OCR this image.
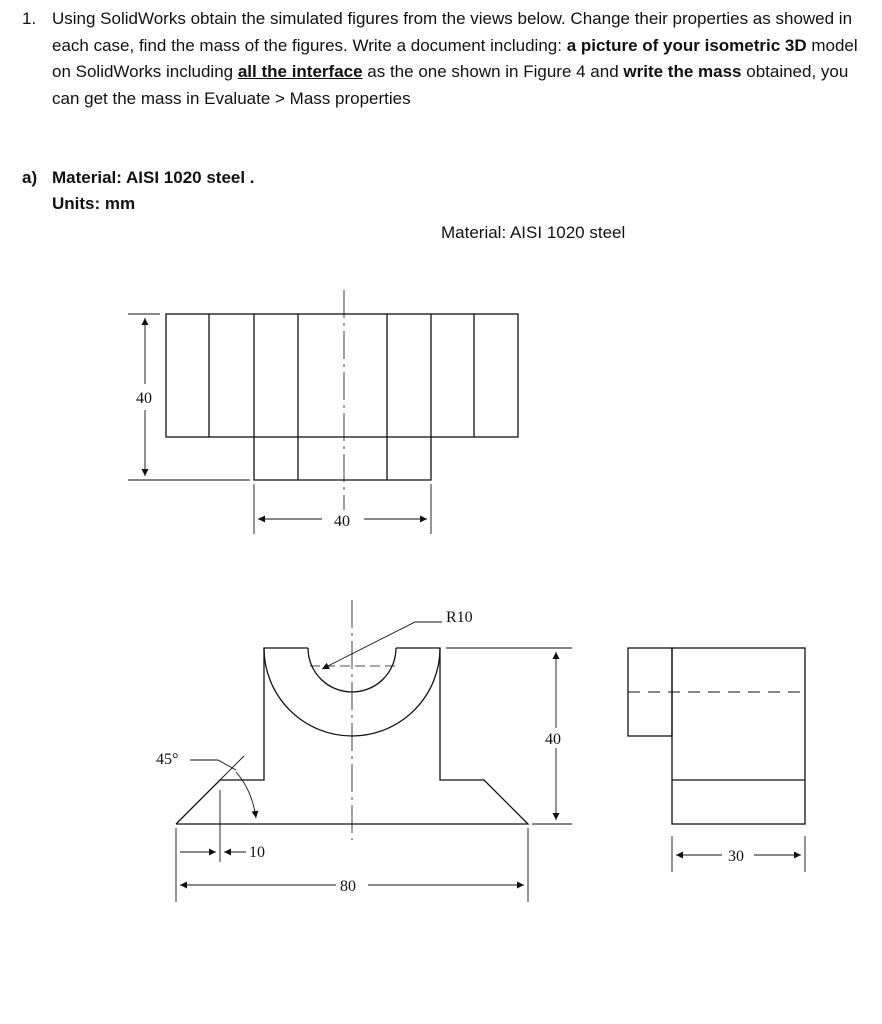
1. Using SolidWorks obtain the simulated figures from the views below. Change their properties as showed in each case, find the mass of the figures. Write a document including: a picture of your isometric 3D model on SolidWorks including all the interface as the one shown in Figure 4 and write the mass obtained, you can get the mass in Evaluate > Mass properties
a) Material: AISI 1020 steel .
Units: mm
Material: AISI 1020 steel
40
40
R10
40
45°
10
80
30
